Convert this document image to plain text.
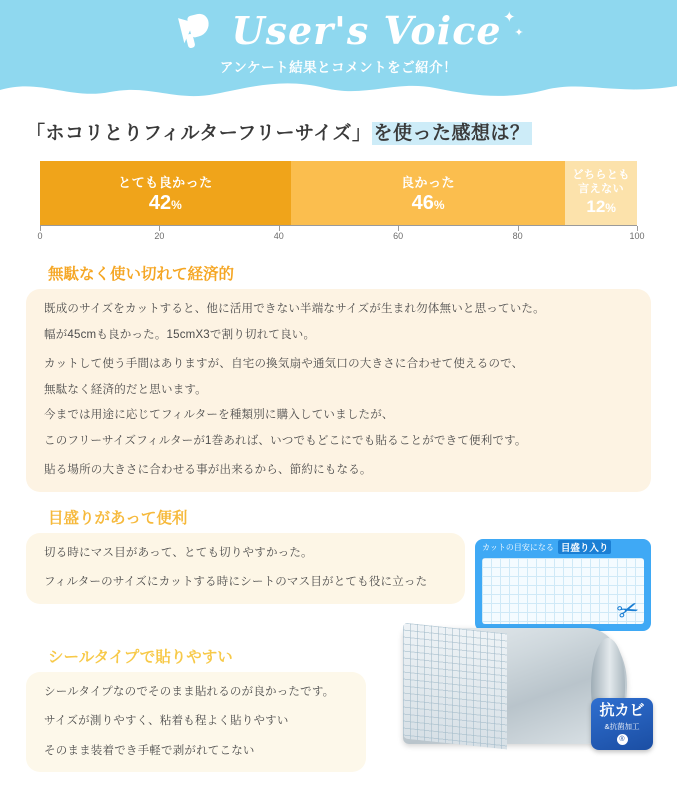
User's Voice ✦
✦
アンケート結果とコメントをご紹介！
「ホコリとりフィルターフリーサイズ」 を使った感想は？
とても良かった
42%
良かった
46%
どちらとも
言えない
12%
0	20	40	60	80	100
無駄なく使い切れて経済的

既成のサイズをカットすると、他に活用できない半端なサイズが生まれ勿体無いと思っていた。

幅が45cmも良かった。15cmX3で割り切れて良い。

カットして使う手間はありますが、自宅の換気扇や通気口の大きさに合わせて使えるので、

無駄なく経済的だと思います。

今までは用途に応じてフィルターを種類別に購入していましたが、

このフリーサイズフィルターが1巻あれば、いつでもどこにでも貼ることができて便利です。

貼る場所の大きさに合わせる事が出来るから、節約にもなる。

目盛りがあって便利

切る時にマス目があって、とても切りやすかった。

フィルターのサイズにカットする時にシートのマス目がとても役に立った

カットの目安になる 目盛り入り
✂
シールタイプで貼りやすい

シールタイプなのでそのまま貼れるのが良かったです。

サイズが測りやすく、粘着も程よく貼りやすい

そのまま装着でき手軽で剥がれてこない

抗カビ
&抗菌加工
®
